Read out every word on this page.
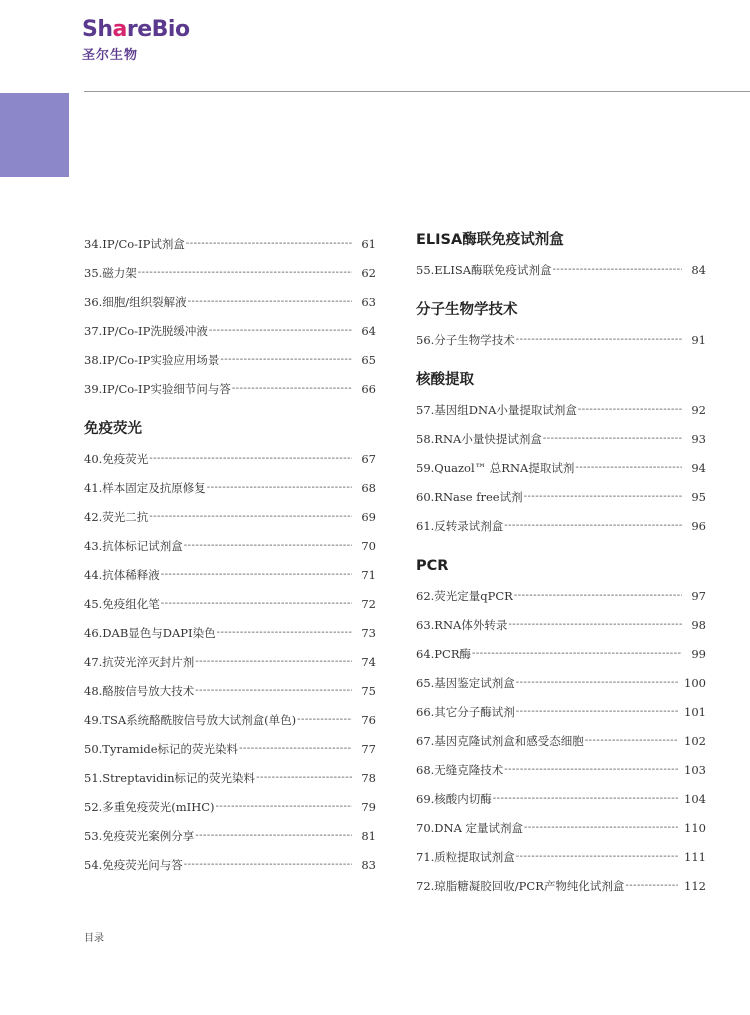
ShareBio
圣尔生物
34.IP/Co-IP试剂盒 -----	61
35.磁力架 -----	62
36.细胞/组织裂解液 -----	63
37.IP/Co-IP洗脱缓冲液 -----	64
38.IP/Co-IP实验应用场景 -----	65
39.IP/Co-IP实验细节问与答 -----	66
免疫荧光
40.免疫荧光 -----	67
41.样本固定及抗原修复 -----	68
42.荧光二抗 -----	69
43.抗体标记试剂盒 -----	70
44.抗体稀释液 -----	71
45.免疫组化笔 -----	72
46.DAB显色与DAPI染色 -----	73
47.抗荧光淬灭封片剂 -----	74
48.酪胺信号放大技术 -----	75
49.TSA系统酪酰胺信号放大试剂盒(单色) -----	76
50.Tyramide标记的荧光染料 -----	77
51.Streptavidin标记的荧光染料 -----	78
52.多重免疫荧光(mIHC) -----	79
53.免疫荧光案例分享 -----	81
54.免疫荧光问与答 -----	83
ELISA酶联免疫试剂盒
55.ELISA酶联免疫试剂盒 -----	84
分子生物学技术
56.分子生物学技术 -----	91
核酸提取
57.基因组DNA小量提取试剂盒 -----	92
58.RNA小量快提试剂盒 -----	93
59.Quazol™ 总RNA提取试剂 -----	94
60.RNase free试剂 -----	95
61.反转录试剂盒 -----	96
PCR
62.荧光定量qPCR -----	97
63.RNA体外转录 -----	98
64.PCR酶 -----	99
65.基因鉴定试剂盒 -----	100
66.其它分子酶试剂 -----	101
67.基因克隆试剂盒和感受态细胞 -----	102
68.无缝克隆技术 -----	103
69.核酸内切酶 -----	104
70.DNA 定量试剂盒 -----	110
71.质粒提取试剂盒 -----	111
72.琼脂糖凝胶回收/PCR产物纯化试剂盒 -----	112
目录
